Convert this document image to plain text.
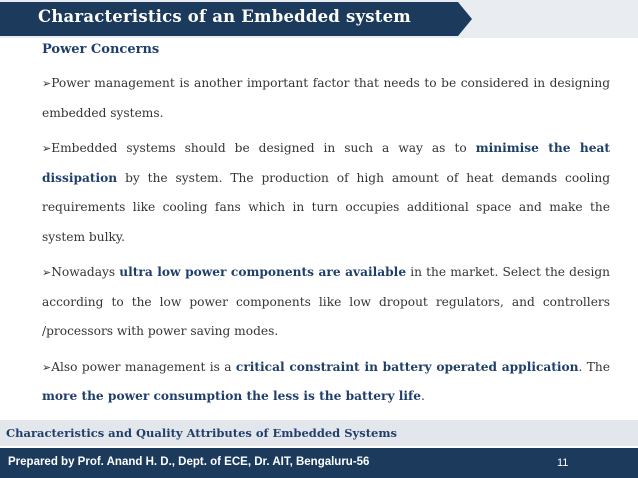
Characteristics of an Embedded system
Power Concerns

➢Power management is another important factor that needs to be considered in designing embedded systems.

➢Embedded systems should be designed in such a way as to minimise the heat dissipation by the system. The production of high amount of heat demands cooling requirements like cooling fans which in turn occupies additional space and make the system bulky.

➢Nowadays ultra low power components are available in the market. Select the design according to the low power components like low dropout regulators, and controllers /processors with power saving modes.

➢Also power management is a critical constraint in battery operated application. The more the power consumption the less is the battery life.

Characteristics and Quality Attributes of Embedded Systems
Prepared by Prof. Anand H. D., Dept. of ECE, Dr. AIT, Bengaluru-56	11
